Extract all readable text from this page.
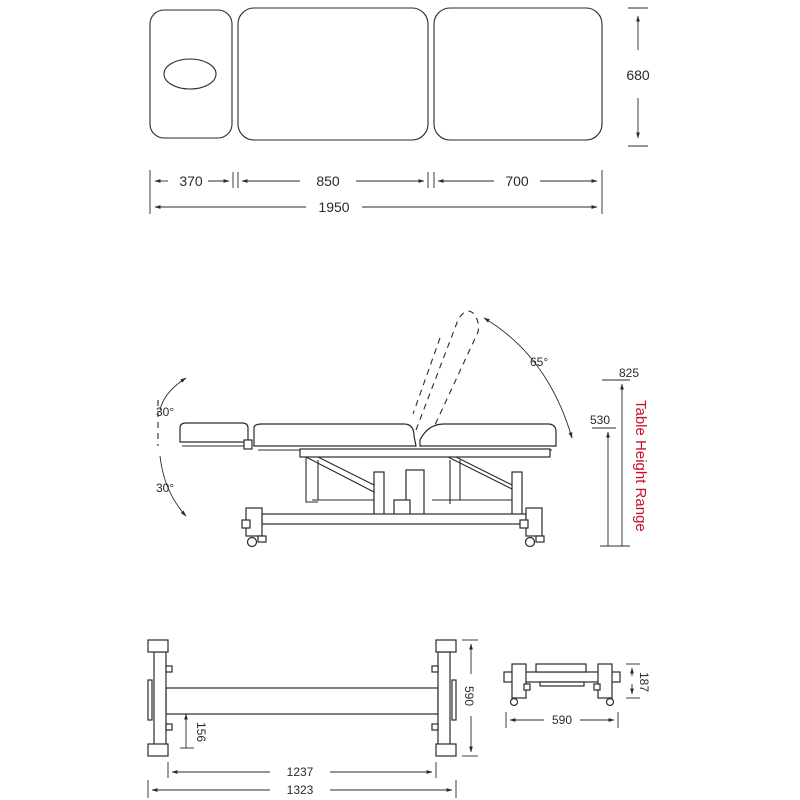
680
370	850	700
1950
65°
30°
30°
825
530 Table Height Range
590
156
1237
1323
187
590
